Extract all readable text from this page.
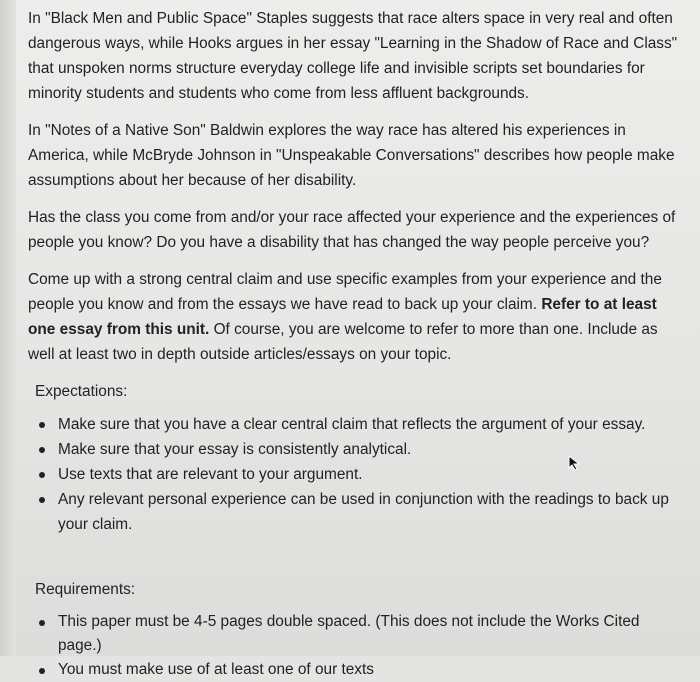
In "Black Men and Public Space" Staples suggests that race alters space in very real and often dangerous ways, while Hooks argues in her essay "Learning in the Shadow of Race and Class" that unspoken norms structure everyday college life and invisible scripts set boundaries for minority students and students who come from less affluent backgrounds.

In "Notes of a Native Son" Baldwin explores the way race has altered his experiences in America, while McBryde Johnson in "Unspeakable Conversations" describes how people make assumptions about her because of her disability.

Has the class you come from and/or your race affected your experience and the experiences of people you know? Do you have a disability that has changed the way people perceive you?

Come up with a strong central claim and use specific examples from your experience and the people you know and from the essays we have read to back up your claim. Refer to at least one essay from this unit. Of course, you are welcome to refer to more than one. Include as well at least two in depth outside articles/essays on your topic.

Expectations:
Make sure that you have a clear central claim that reflects the argument of your essay.
Make sure that your essay is consistently analytical.
Use texts that are relevant to your argument.
Any relevant personal experience can be used in conjunction with the readings to back up your claim.
Requirements:
This paper must be 4-5 pages double spaced. (This does not include the Works Cited page.)
You must make use of at least one of our texts
